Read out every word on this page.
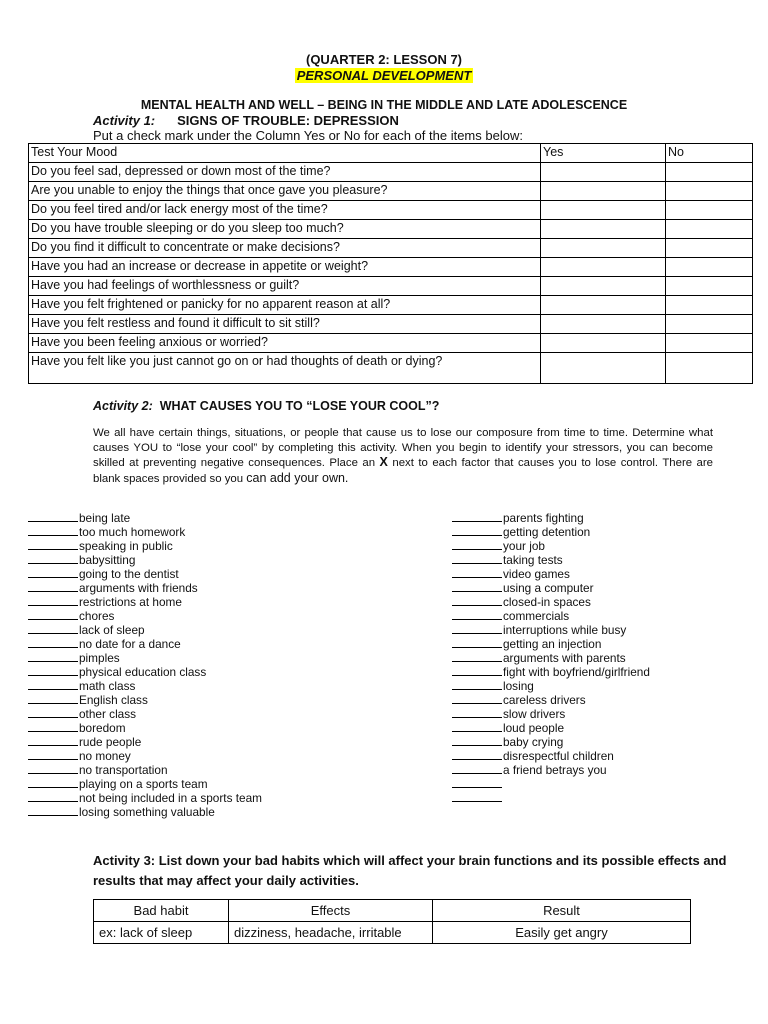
(QUARTER 2: LESSON 7)
PERSONAL DEVELOPMENT
MENTAL HEALTH AND WELL – BEING IN THE MIDDLE AND LATE ADOLESCENCE
Activity 1: SIGNS OF TROUBLE: DEPRESSION
Put a check mark under the Column Yes or No for each of the items below:
Test Your Mood	Yes	No
Do you feel sad, depressed or down most of the time?		
Are you unable to enjoy the things that once gave you pleasure?		
Do you feel tired and/or lack energy most of the time?		
Do you have trouble sleeping or do you sleep too much?		
Do you find it difficult to concentrate or make decisions?		
Have you had an increase or decrease in appetite or weight?		
Have you had feelings of worthlessness or guilt?		
Have you felt frightened or panicky for no apparent reason at all?		
Have you felt restless and found it difficult to sit still?		
Have you been feeling anxious or worried?		
Have you felt like you just cannot go on or had thoughts of death or dying?		
Activity 2: WHAT CAUSES YOU TO “LOSE YOUR COOL”?
We all have certain things, situations, or people that cause us to lose our composure from time to time. Determine what causes YOU to “lose your cool” by completing this activity. When you begin to identify your stressors, you can become skilled at preventing negative consequences. Place an X next to each factor that causes you to lose control. There are blank spaces provided so you can add your own.
being late
too much homework
speaking in public
babysitting
going to the dentist
arguments with friends
restrictions at home
chores
lack of sleep
no date for a dance
pimples
physical education class
math class
English class
other class
boredom
rude people
no money
no transportation
playing on a sports team
not being included in a sports team
losing something valuable
parents fighting
getting detention
your job
taking tests
video games
using a computer
closed-in spaces
commercials
interruptions while busy
getting an injection
arguments with parents
fight with boyfriend/girlfriend
losing
careless drivers
slow drivers
loud people
baby crying
disrespectful children
a friend betrays you
Activity 3: List down your bad habits which will affect your brain functions and its possible effects and results that may affect your daily activities.
Bad habit	Effects	Result
ex: lack of sleep	dizziness, headache, irritable	Easily get angry
